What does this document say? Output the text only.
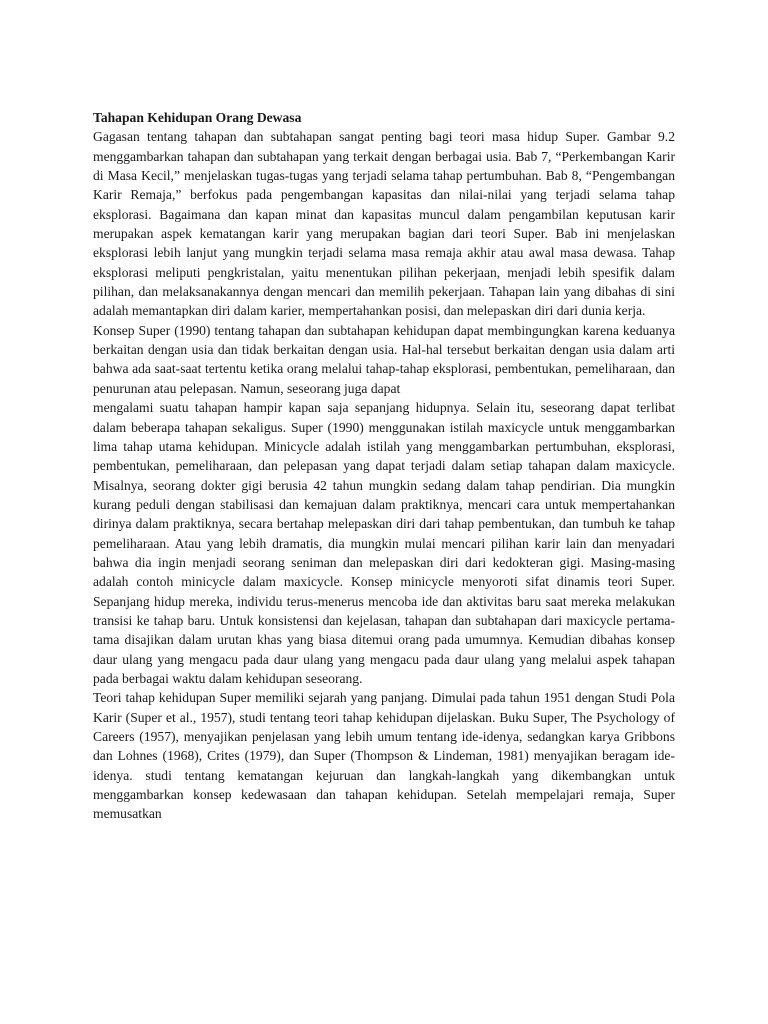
Tahapan Kehidupan Orang Dewasa

Gagasan tentang tahapan dan subtahapan sangat penting bagi teori masa hidup Super. Gambar 9.2 menggambarkan tahapan dan subtahapan yang terkait dengan berbagai usia. Bab 7, “Perkembangan Karir di Masa Kecil,” menjelaskan tugas-tugas yang terjadi selama tahap pertumbuhan. Bab 8, “Pengembangan Karir Remaja,” berfokus pada pengembangan kapasitas dan nilai-nilai yang terjadi selama tahap eksplorasi. Bagaimana dan kapan minat dan kapasitas muncul dalam pengambilan keputusan karir merupakan aspek kematangan karir yang merupakan bagian dari teori Super. Bab ini menjelaskan eksplorasi lebih lanjut yang mungkin terjadi selama masa remaja akhir atau awal masa dewasa. Tahap eksplorasi meliputi pengkristalan, yaitu menentukan pilihan pekerjaan, menjadi lebih spesifik dalam pilihan, dan melaksanakannya dengan mencari dan memilih pekerjaan. Tahapan lain yang dibahas di sini adalah memantapkan diri dalam karier, mempertahankan posisi, dan melepaskan diri dari dunia kerja.

Konsep Super (1990) tentang tahapan dan subtahapan kehidupan dapat membingungkan karena keduanya berkaitan dengan usia dan tidak berkaitan dengan usia. Hal-hal tersebut berkaitan dengan usia dalam arti bahwa ada saat-saat tertentu ketika orang melalui tahap-tahap eksplorasi, pembentukan, pemeliharaan, dan penurunan atau pelepasan. Namun, seseorang juga dapat

mengalami suatu tahapan hampir kapan saja sepanjang hidupnya. Selain itu, seseorang dapat terlibat dalam beberapa tahapan sekaligus. Super (1990) menggunakan istilah maxicycle untuk menggambarkan lima tahap utama kehidupan. Minicycle adalah istilah yang menggambarkan pertumbuhan, eksplorasi, pembentukan, pemeliharaan, dan pelepasan yang dapat terjadi dalam setiap tahapan dalam maxicycle. Misalnya, seorang dokter gigi berusia 42 tahun mungkin sedang dalam tahap pendirian. Dia mungkin kurang peduli dengan stabilisasi dan kemajuan dalam praktiknya, mencari cara untuk mempertahankan dirinya dalam praktiknya, secara bertahap melepaskan diri dari tahap pembentukan, dan tumbuh ke tahap pemeliharaan. Atau yang lebih dramatis, dia mungkin mulai mencari pilihan karir lain dan menyadari bahwa dia ingin menjadi seorang seniman dan melepaskan diri dari kedokteran gigi. Masing-masing adalah contoh minicycle dalam maxicycle. Konsep minicycle menyoroti sifat dinamis teori Super. Sepanjang hidup mereka, individu terus-menerus mencoba ide dan aktivitas baru saat mereka melakukan transisi ke tahap baru. Untuk konsistensi dan kejelasan, tahapan dan subtahapan dari maxicycle pertama- tama disajikan dalam urutan khas yang biasa ditemui orang pada umumnya. Kemudian dibahas konsep daur ulang yang mengacu pada daur ulang yang mengacu pada daur ulang yang melalui aspek tahapan pada berbagai waktu dalam kehidupan seseorang.

Teori tahap kehidupan Super memiliki sejarah yang panjang. Dimulai pada tahun 1951 dengan Studi Pola Karir (Super et al., 1957), studi tentang teori tahap kehidupan dijelaskan. Buku Super, The Psychology of Careers (1957), menyajikan penjelasan yang lebih umum tentang ide-idenya, sedangkan karya Gribbons dan Lohnes (1968), Crites (1979), dan Super (Thompson & Lindeman, 1981) menyajikan beragam ide- idenya. studi tentang kematangan kejuruan dan langkah-langkah yang dikembangkan untuk menggambarkan konsep kedewasaan dan tahapan kehidupan. Setelah mempelajari remaja, Super memusatkan
